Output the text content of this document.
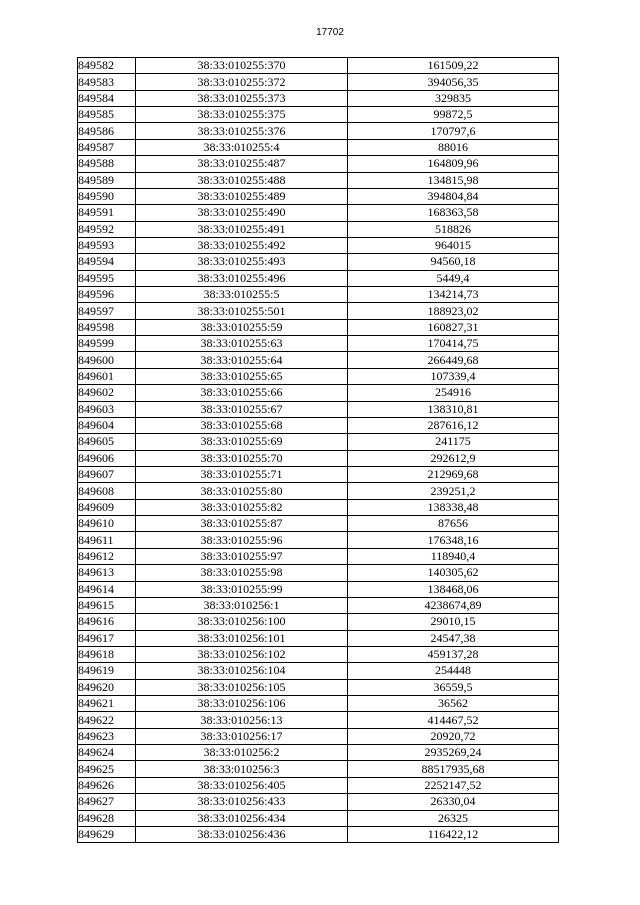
17702
849582	38:33:010255:370	161509,22
849583	38:33:010255:372	394056,35
849584	38:33:010255:373	329835
849585	38:33:010255:375	99872,5
849586	38:33:010255:376	170797,6
849587	38:33:010255:4	88016
849588	38:33:010255:487	164809,96
849589	38:33:010255:488	134815,98
849590	38:33:010255:489	394804,84
849591	38:33:010255:490	168363,58
849592	38:33:010255:491	518826
849593	38:33:010255:492	964015
849594	38:33:010255:493	94560,18
849595	38:33:010255:496	5449,4
849596	38:33:010255:5	134214,73
849597	38:33:010255:501	188923,02
849598	38:33:010255:59	160827,31
849599	38:33:010255:63	170414,75
849600	38:33:010255:64	266449,68
849601	38:33:010255:65	107339,4
849602	38:33:010255:66	254916
849603	38:33:010255:67	138310,81
849604	38:33:010255:68	287616,12
849605	38:33:010255:69	241175
849606	38:33:010255:70	292612,9
849607	38:33:010255:71	212969,68
849608	38:33:010255:80	239251,2
849609	38:33:010255:82	138338,48
849610	38:33:010255:87	87656
849611	38:33:010255:96	176348,16
849612	38:33:010255:97	118940,4
849613	38:33:010255:98	140305,62
849614	38:33:010255:99	138468,06
849615	38:33:010256:1	4238674,89
849616	38:33:010256:100	29010,15
849617	38:33:010256:101	24547,38
849618	38:33:010256:102	459137,28
849619	38:33:010256:104	254448
849620	38:33:010256:105	36559,5
849621	38:33:010256:106	36562
849622	38:33:010256:13	414467,52
849623	38:33:010256:17	20920,72
849624	38:33:010256:2	2935269,24
849625	38:33:010256:3	88517935,68
849626	38:33:010256:405	2252147,52
849627	38:33:010256:433	26330,04
849628	38:33:010256:434	26325
849629	38:33:010256:436	116422,12
